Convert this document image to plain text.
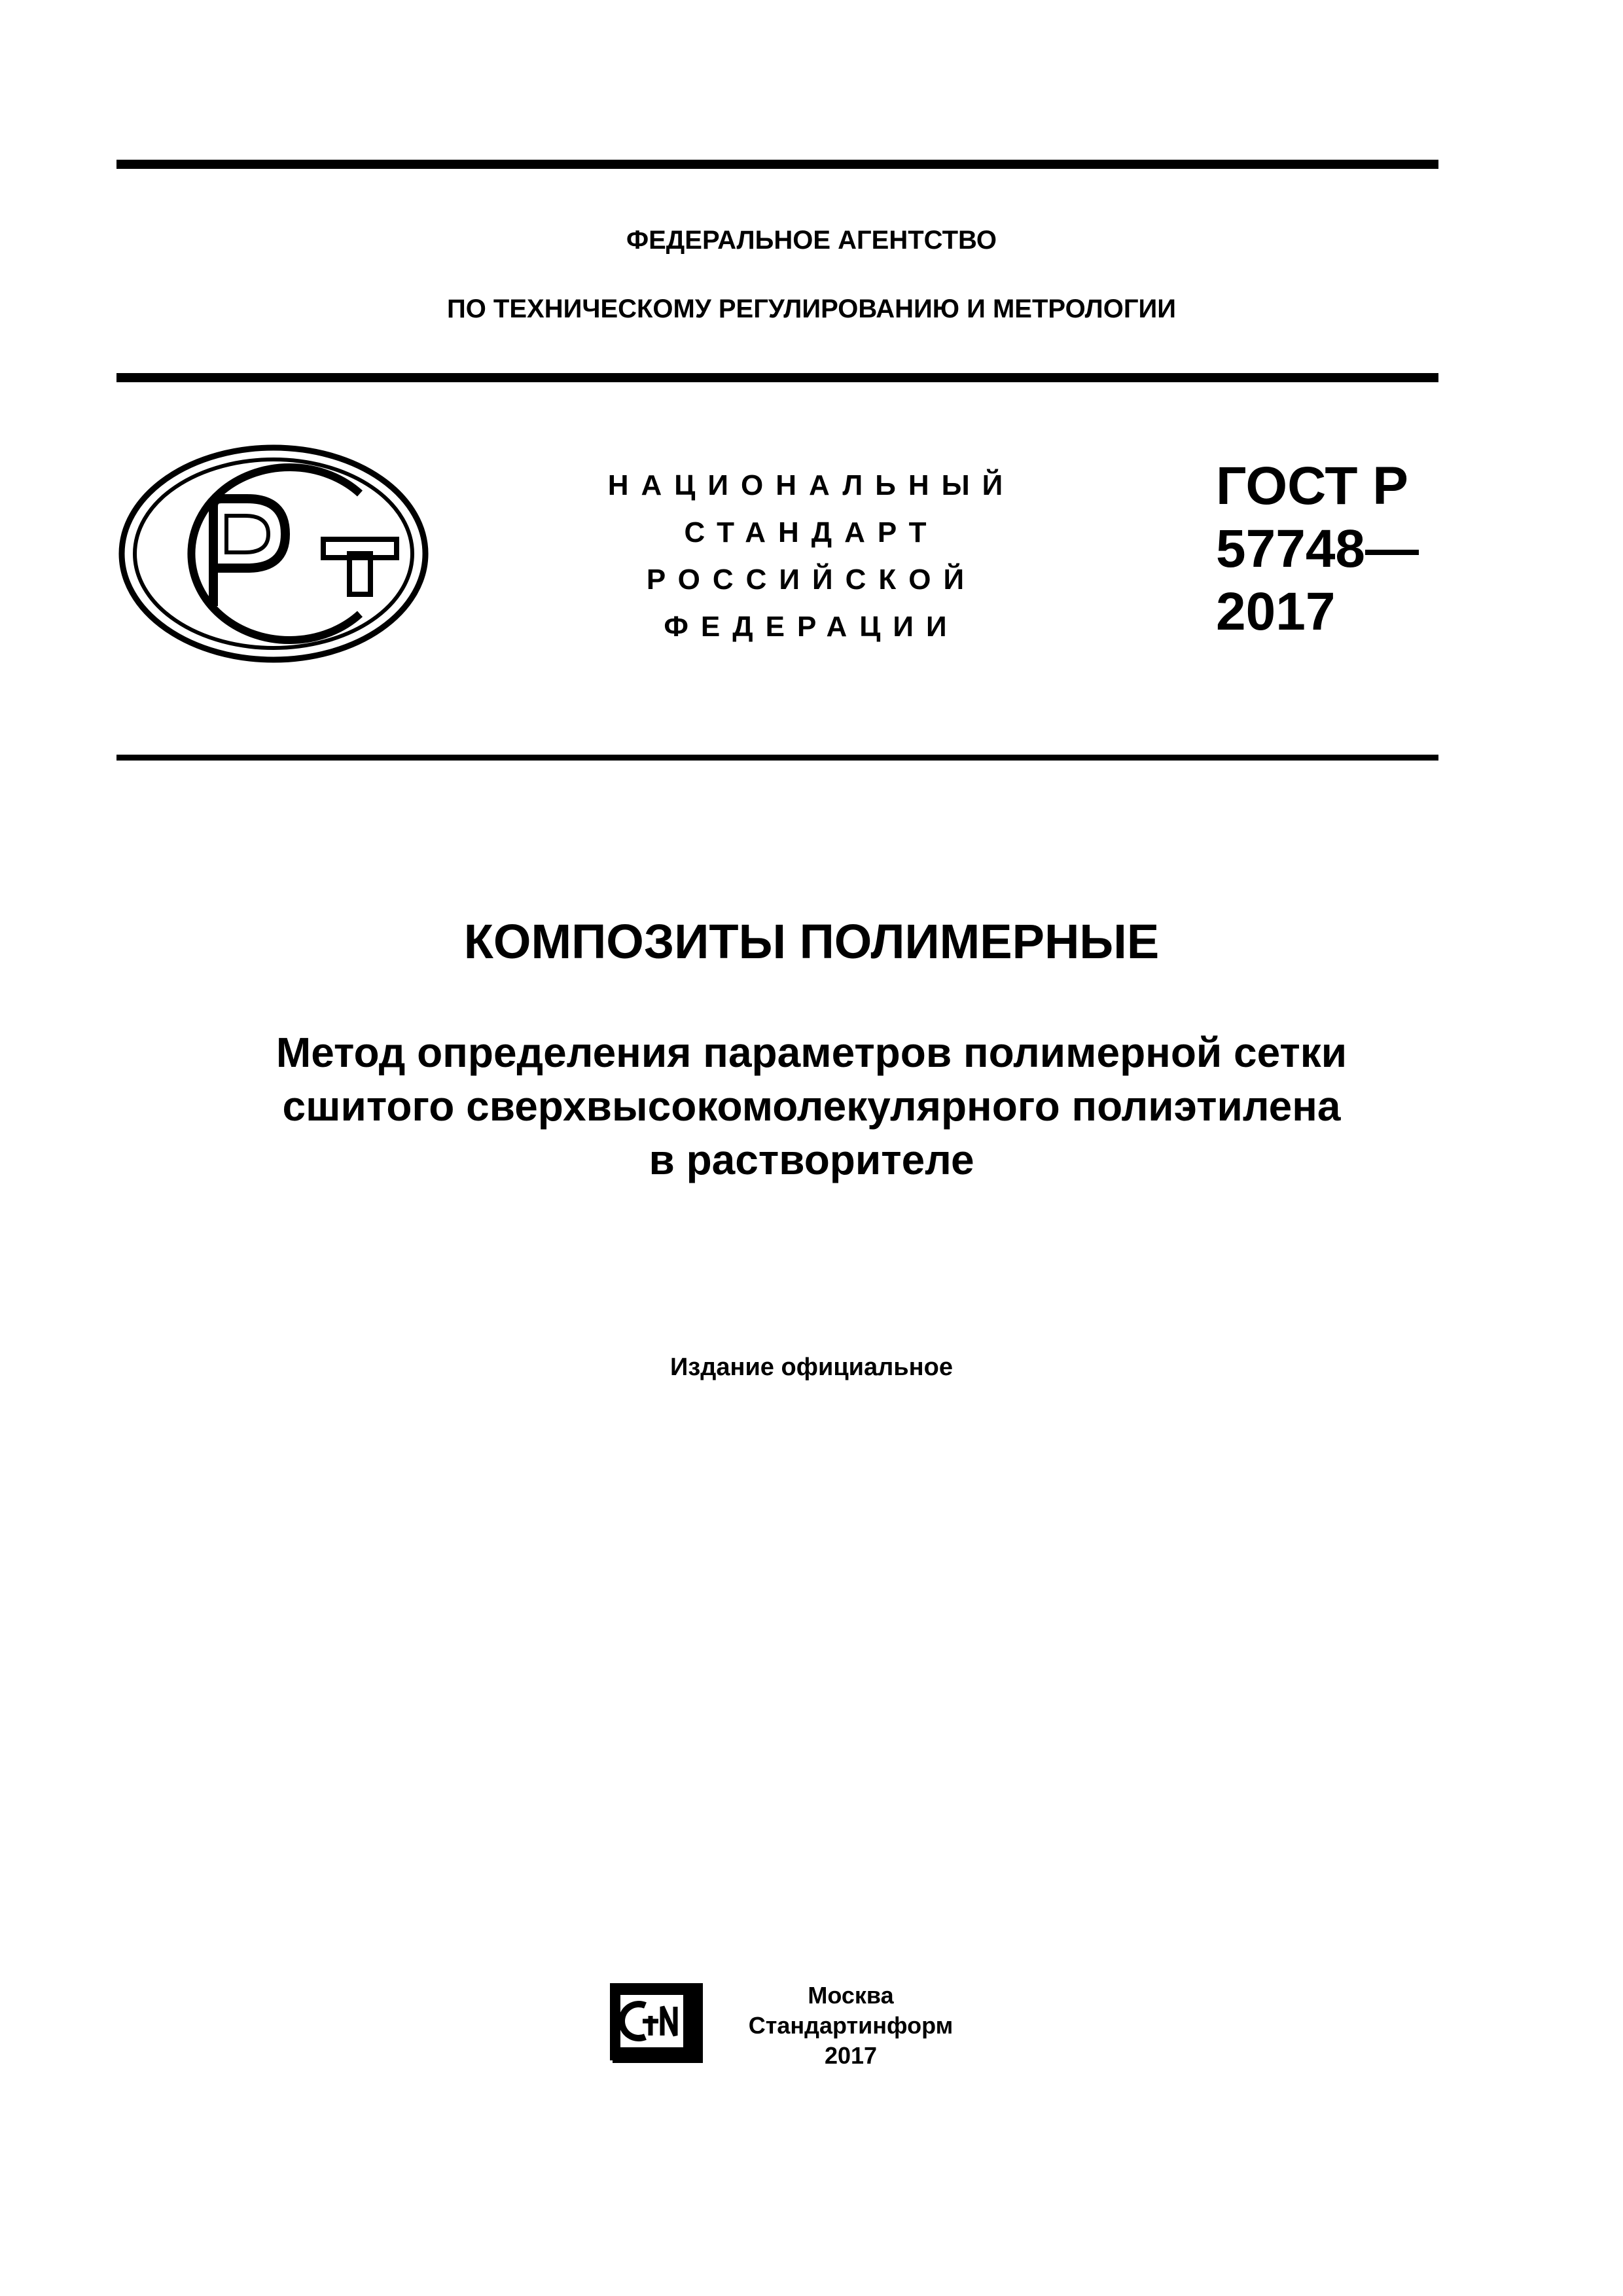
ФЕДЕРАЛЬНОЕ АГЕНТСТВО
ПО ТЕХНИЧЕСКОМУ РЕГУЛИРОВАНИЮ И МЕТРОЛОГИИ
НАЦИОНАЛЬНЫЙ
СТАНДАРТ
РОССИЙСКОЙ
ФЕДЕРАЦИИ
ГОСТ Р
57748—
2017
КОМПОЗИТЫ ПОЛИМЕРНЫЕ
Метод определения параметров полимерной сетки
сшитого сверхвысокомолекулярного полиэтилена
в растворителе
Издание официальное
Москва
Стандартинформ
2017
